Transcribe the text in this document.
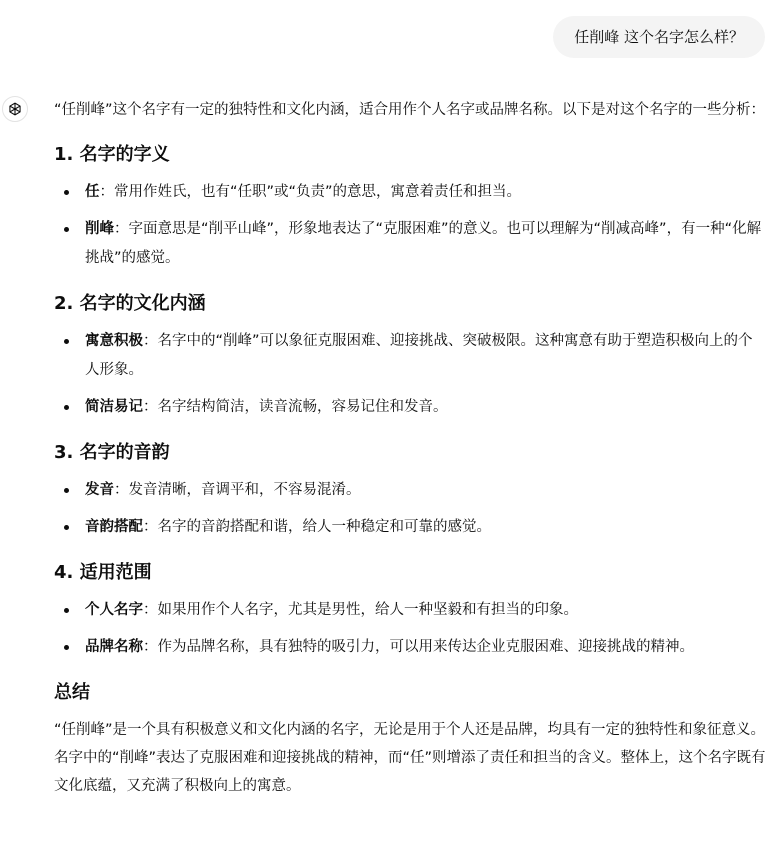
任削峰 这个名字怎么样？

“任削峰”这个名字有一定的独特性和文化内涵，适合用作个人名字或品牌名称。以下是对这个名字的一些分析：

1. 名字的字义
任：常用作姓氏，也有“任职”或“负责”的意思，寓意着责任和担当。
削峰：字面意思是“削平山峰”，形象地表达了“克服困难”的意义。也可以理解为“削减高峰”，有一种“化解挑战”的感觉。
2. 名字的文化内涵
寓意积极：名字中的“削峰”可以象征克服困难、迎接挑战、突破极限。这种寓意有助于塑造积极向上的个人形象。
简洁易记：名字结构简洁，读音流畅，容易记住和发音。
3. 名字的音韵
发音：发音清晰，音调平和，不容易混淆。
音韵搭配：名字的音韵搭配和谐，给人一种稳定和可靠的感觉。
4. 适用范围
个人名字：如果用作个人名字，尤其是男性，给人一种坚毅和有担当的印象。
品牌名称：作为品牌名称，具有独特的吸引力，可以用来传达企业克服困难、迎接挑战的精神。
总结

“任削峰”是一个具有积极意义和文化内涵的名字，无论是用于个人还是品牌，均具有一定的独特性和象征意义。名字中的“削峰”表达了克服困难和迎接挑战的精神，而“任”则增添了责任和担当的含义。整体上，这个名字既有文化底蕴，又充满了积极向上的寓意。
